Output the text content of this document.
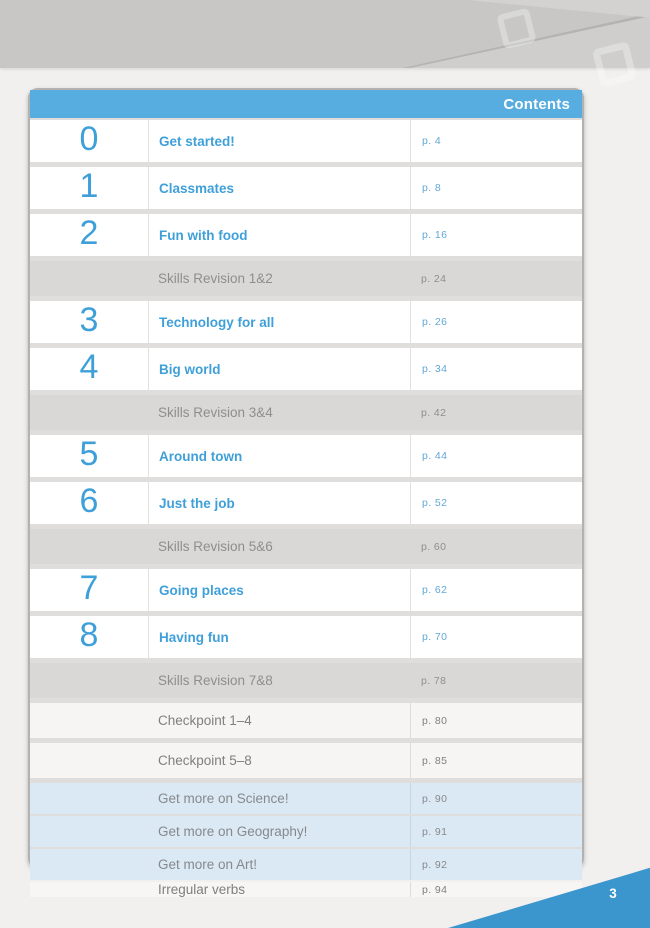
Contents
0	Get started!	p. 4
1	Classmates	p. 8
2	Fun with food	p. 16
Skills Revision 1&2	p. 24
3	Technology for all	p. 26
4	Big world	p. 34
Skills Revision 3&4	p. 42
5	Around town	p. 44
6	Just the job	p. 52
Skills Revision 5&6	p. 60
7	Going places	p. 62
8	Having fun	p. 70
Skills Revision 7&8	p. 78
Checkpoint 1–4	p. 80
Checkpoint 5–8	p. 85
Get more on Science!	p. 90
Get more on Geography!	p. 91
Get more on Art!	p. 92
Irregular verbs	p. 94	3
